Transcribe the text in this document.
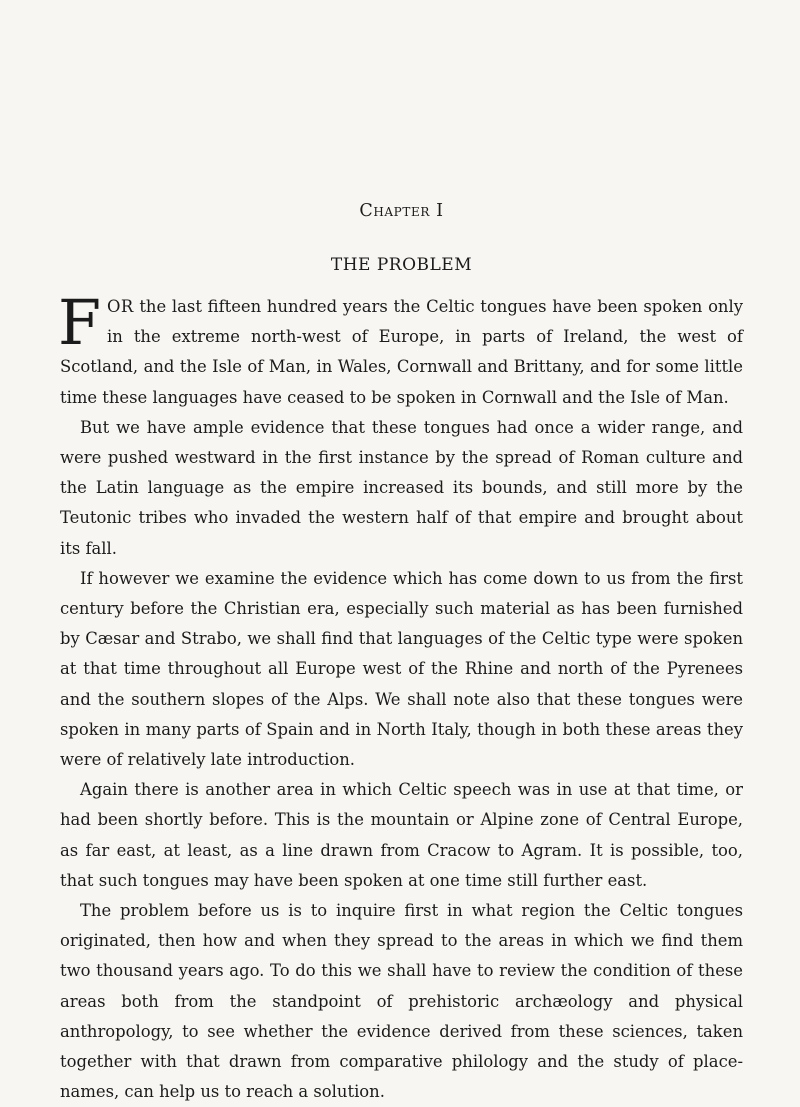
Chapter I
THE PROBLEM

FOR the last fifteen hundred years the Celtic tongues have been spoken only in the extreme north-west of Europe, in parts of Ireland, the west of Scotland, and the Isle of Man, in Wales, Cornwall and Brittany, and for some little time these languages have ceased to be spoken in Cornwall and the Isle of Man.

But we have ample evidence that these tongues had once a wider range, and were pushed westward in the first instance by the spread of Roman culture and the Latin language as the empire increased its bounds, and still more by the Teutonic tribes who invaded the western half of that empire and brought about its fall.

If however we examine the evidence which has come down to us from the first century before the Christian era, especially such material as has been furnished by Cæsar and Strabo, we shall find that languages of the Celtic type were spoken at that time throughout all Europe west of the Rhine and north of the Pyrenees and the southern slopes of the Alps. We shall note also that these tongues were spoken in many parts of Spain and in North Italy, though in both these areas they were of relatively late introduction.

Again there is another area in which Celtic speech was in use at that time, or had been shortly before. This is the mountain or Alpine zone of Central Europe, as far east, at least, as a line drawn from Cracow to Agram. It is possible, too, that such tongues may have been spoken at one time still further east.

The problem before us is to inquire first in what region the Celtic tongues originated, then how and when they spread to the areas in which we find them two thousand years ago. To do this we shall have to review the condition of these areas both from the standpoint of prehistoric archæology and physical anthropology, to see whether the evidence derived from these sciences, taken together with that drawn from comparative philology and the study of place-names, can help us to reach a solution.
